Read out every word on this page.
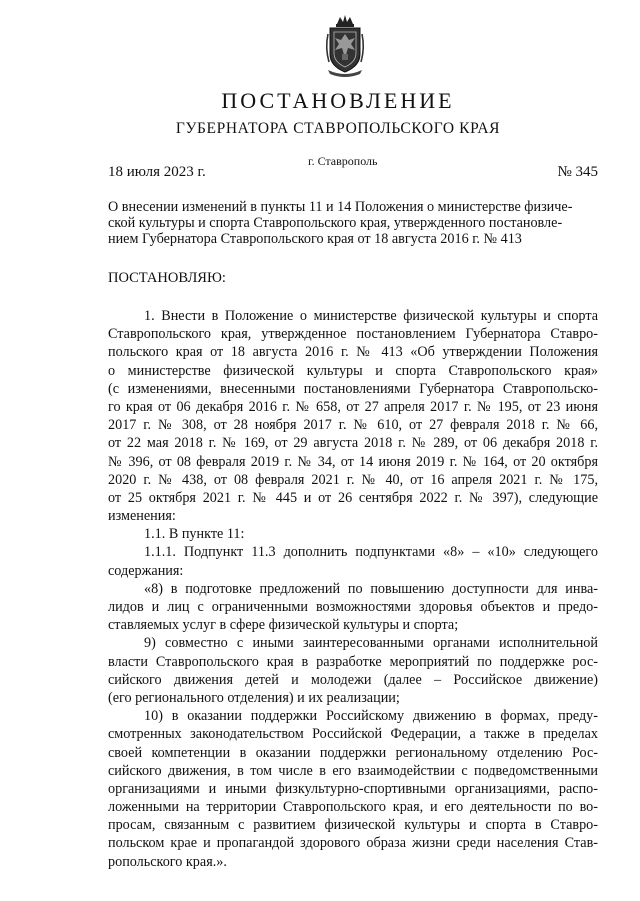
ПОСТАНОВЛЕНИЕ
ГУБЕРНАТОРА СТАВРОПОЛЬСКОГО КРАЯ
18 июля 2023 г.
г. Ставрополь
№ 345
О внесении изменений в пункты 11 и 14 Положения о министерстве физиче-
ской культуры и спорта Ставропольского края, утвержденного постановле-
нием Губернатора Ставропольского края от 18 августа 2016 г. № 413
ПОСТАНОВЛЯЮ:
1. Внести в Положение о министерстве физической культуры и спорта
Ставропольского края, утвержденное постановлением Губернатора Ставро-
польского края от 18 августа 2016 г. № 413 «Об утверждении Положения
о министерстве физической культуры и спорта Ставропольского края»
(с изменениями, внесенными постановлениями Губернатора Ставропольско-
го края от 06 декабря 2016 г. № 658, от 27 апреля 2017 г. № 195, от 23 июня
2017 г. № 308, от 28 ноября 2017 г. № 610, от 27 февраля 2018 г. № 66,
от 22 мая 2018 г. № 169, от 29 августа 2018 г. № 289, от 06 декабря 2018 г.
№ 396, от 08 февраля 2019 г. № 34, от 14 июня 2019 г. № 164, от 20 октября
2020 г. № 438, от 08 февраля 2021 г. № 40, от 16 апреля 2021 г. № 175,
от 25 октября 2021 г. № 445 и от 26 сентября 2022 г. № 397), следующие
изменения:
1.1. В пункте 11:
1.1.1. Подпункт 11.3 дополнить подпунктами «8» – «10» следующего
содержания:
«8) в подготовке предложений по повышению доступности для инва-
лидов и лиц с ограниченными возможностями здоровья объектов и предо-
ставляемых услуг в сфере физической культуры и спорта;
9) совместно с иными заинтересованными органами исполнительной
власти Ставропольского края в разработке мероприятий по поддержке рос-
сийского движения детей и молодежи (далее – Российское движение)
(его регионального отделения) и их реализации;
10) в оказании поддержки Российскому движению в формах, преду-
смотренных законодательством Российской Федерации, а также в пределах
своей компетенции в оказании поддержки региональному отделению Рос-
сийского движения, в том числе в его взаимодействии с подведомственными
организациями и иными физкультурно-спортивными организациями, распо-
ложенными на территории Ставропольского края, и его деятельности по во-
просам, связанным с развитием физической культуры и спорта в Ставро-
польском крае и пропагандой здорового образа жизни среди населения Став-
ропольского края.».
